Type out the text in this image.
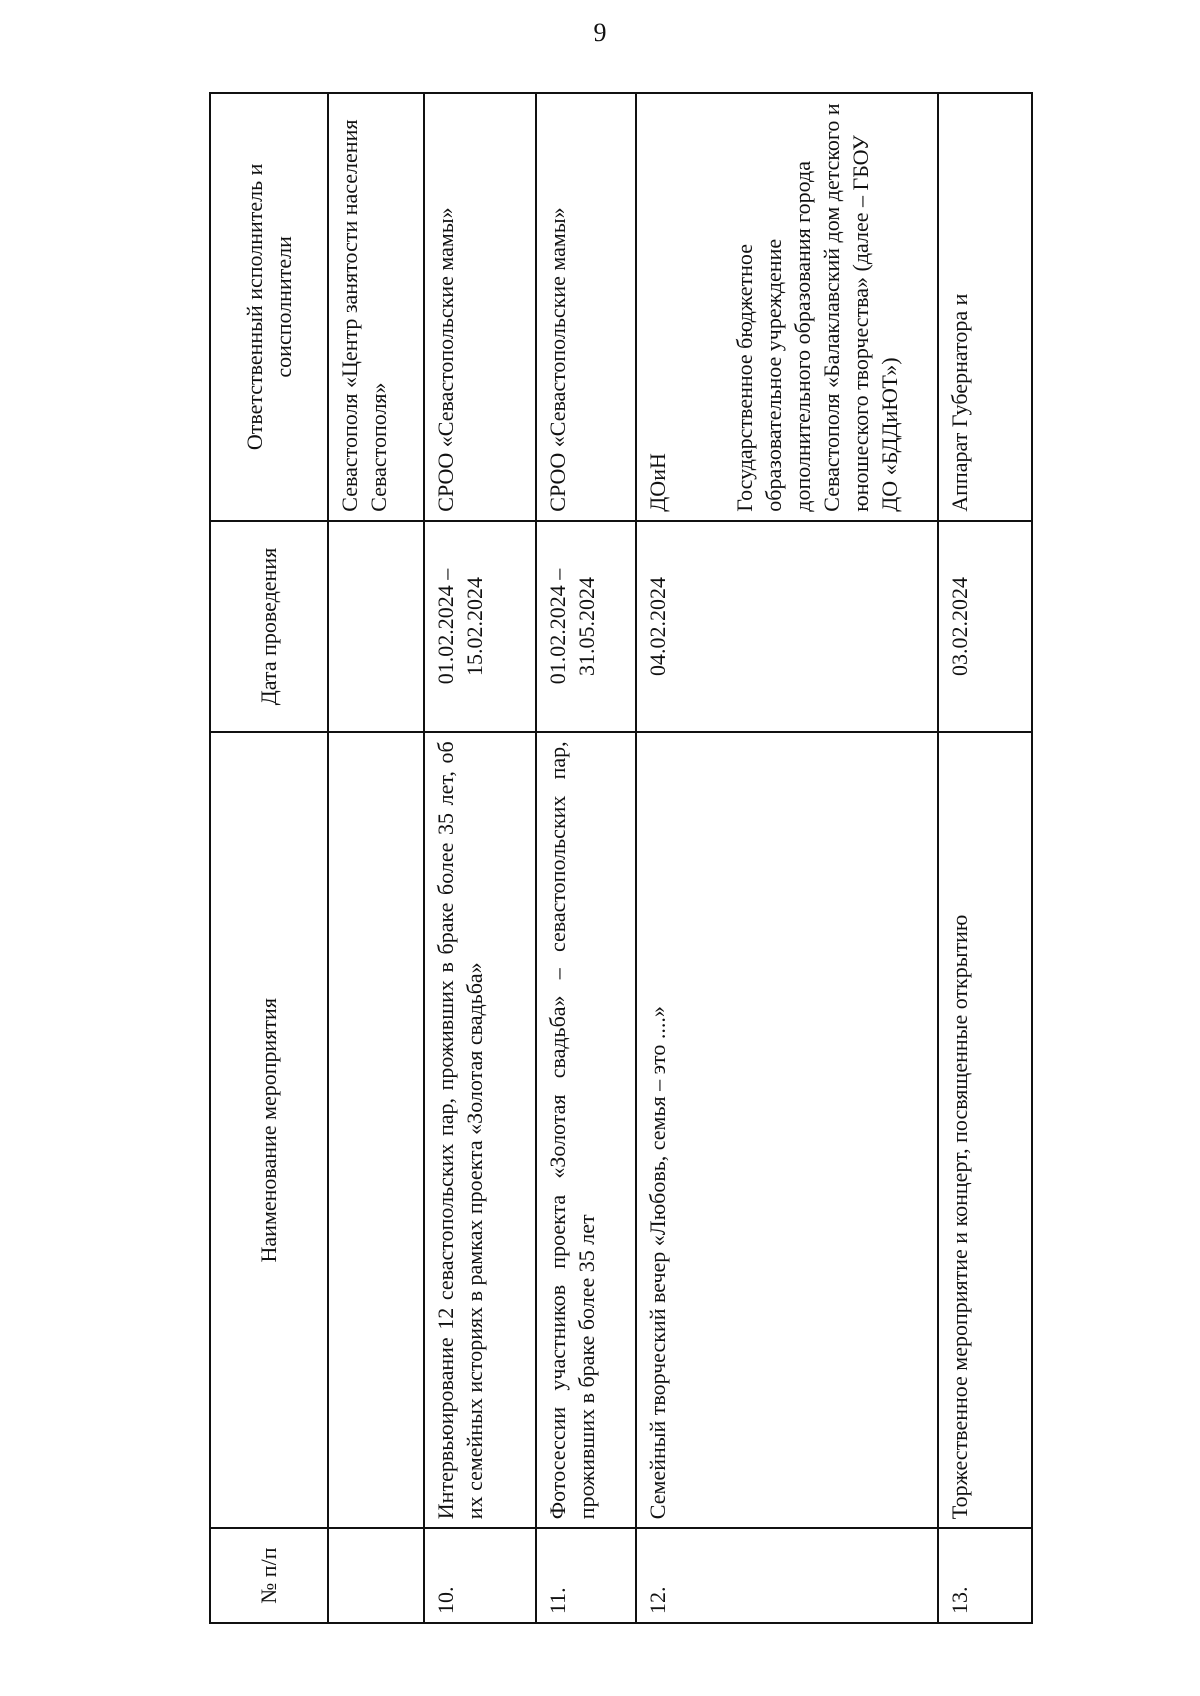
9
№ п/п	Наименование мероприятия	Дата проведения	Ответственный исполнитель и соисполнители
			Севастополя «Центр занятости населения Севастополя»
10.	Интервьюирование 12 севастопольских пар, проживших в браке более 35 лет, об их семейных историях в рамках проекта «Золотая свадьба»	01.02.2024 – 15.02.2024	СРОО «Севастопольские мамы»
11.	Фотосессии участников проекта «Золотая свадьба» – севастопольских пар, проживших в браке более 35 лет	01.02.2024 – 31.05.2024	СРОО «Севастопольские мамы»
12.	Семейный творческий вечер «Любовь, семья – это ....»	04.02.2024	ДОиН Государственное бюджетное образовательное учреждение дополнительного образования города Севастополя «Балаклавский дом детского и юношеского творчества» (далее – ГБОУ ДО «БДДиЮТ»)

13.	Торжественное мероприятие и концерт, посвященные открытию	03.02.2024	Аппарат Губернатора и
